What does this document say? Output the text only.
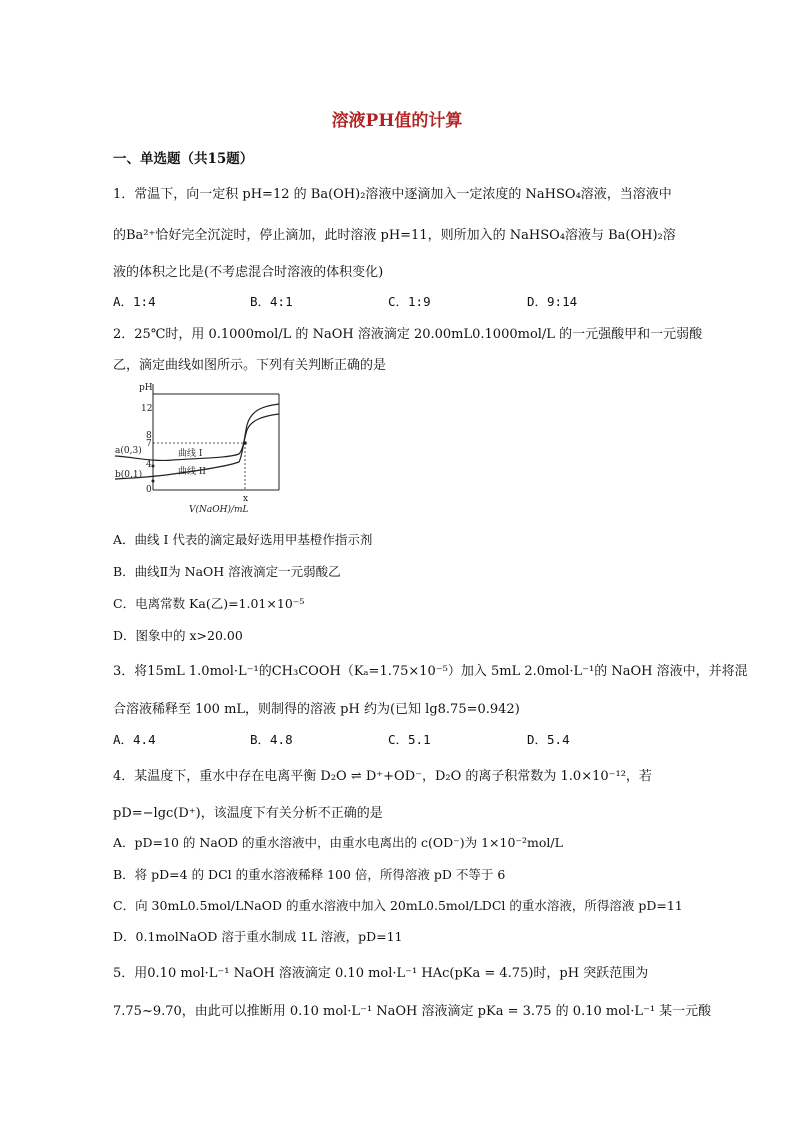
溶液PH值的计算
一、单选题（共15题）
1．常温下，向一定积 pH=12 的 Ba(OH)₂溶液中逐滴加入一定浓度的 NaHSO₄溶液，当溶液中
的Ba²⁺恰好完全沉淀时，停止滴加，此时溶液 pH=11，则所加入的 NaHSO₄溶液与 Ba(OH)₂溶
液的体积之比是(不考虑混合时溶液的体积变化)
A．1:4	B．4:1	C．1:9	D．9:14
2．25℃时，用 0.1000mol/L 的 NaOH 溶液滴定 20.00mL0.1000mol/L 的一元强酸甲和一元弱酸
乙，滴定曲线如图所示。下列有关判断正确的是
pH
12
8
7
4
0
a(0,3)
b(0,1)
曲线 I
曲线 II
x
V(NaOH)/mL
A．曲线 I 代表的滴定最好选用甲基橙作指示剂
B．曲线Ⅱ为 NaOH 溶液滴定一元弱酸乙
C．电离常数 Ka(乙)=1.01×10⁻⁵
D．图象中的 x>20.00
3．将15mL 1.0mol·L⁻¹的CH₃COOH（Kₐ=1.75×10⁻⁵）加入 5mL 2.0mol·L⁻¹的 NaOH 溶液中，并将混
合溶液稀释至 100 mL，则制得的溶液 pH 约为(已知 lg8.75=0.942)
A．4.4	B．4.8	C．5.1	D．5.4
4．某温度下，重水中存在电离平衡 D₂O ⇌ D⁺+OD⁻，D₂O 的离子积常数为 1.0×10⁻¹²，若
pD=−lgc(D⁺)，该温度下有关分析不正确的是
A．pD=10 的 NaOD 的重水溶液中，由重水电离出的 c(OD⁻)为 1×10⁻²mol/L
B．将 pD=4 的 DCl 的重水溶液稀释 100 倍，所得溶液 pD 不等于 6
C．向 30mL0.5mol/LNaOD 的重水溶液中加入 20mL0.5mol/LDCl 的重水溶液，所得溶液 pD=11
D．0.1molNaOD 溶于重水制成 1L 溶液，pD=11
5．用0.10 mol·L⁻¹ NaOH 溶液滴定 0.10 mol·L⁻¹ HAc(pKa = 4.75)时，pH 突跃范围为
7.75~9.70，由此可以推断用 0.10 mol·L⁻¹ NaOH 溶液滴定 pKa = 3.75 的 0.10 mol·L⁻¹ 某一元酸
